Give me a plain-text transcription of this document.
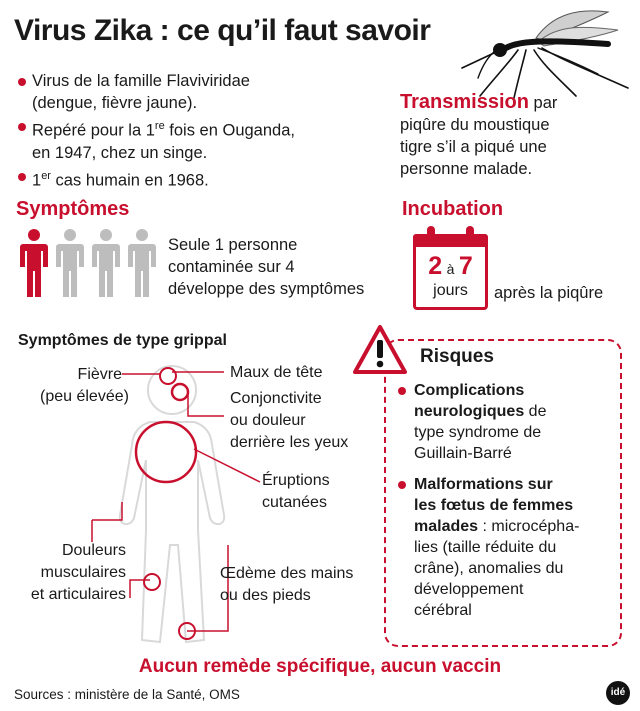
Virus Zika : ce qu’il faut savoir
Virus de la famille Flaviviridae
(dengue, fièvre jaune).
Repéré pour la 1re fois en Ouganda,
en 1947, chez un singe.
1er cas humain en 1968.
Transmission par
piqûre du moustique
tigre s’il a piqué une
personne malade.
Symptômes
Seule 1 personne
contaminée sur 4
développe des symptômes
Incubation
2 à 7
jours	après la piqûre
Symptômes de type grippal
Fièvre
(peu élevée)
Maux de tête
Conjonctivite
ou douleur
derrière les yeux
Éruptions
cutanées
Douleurs
musculaires
et articulaires
Œdème des mains
ou des pieds
Risques
Complications
neurologiques de
type syndrome de
Guillain-Barré
Malformations sur
les fœtus de femmes
malades : microcépha-
lies (taille réduite du
crâne), anomalies du
développement
cérébral
Aucun remède spécifique, aucun vaccin
Sources : ministère de la Santé, OMS	idé
